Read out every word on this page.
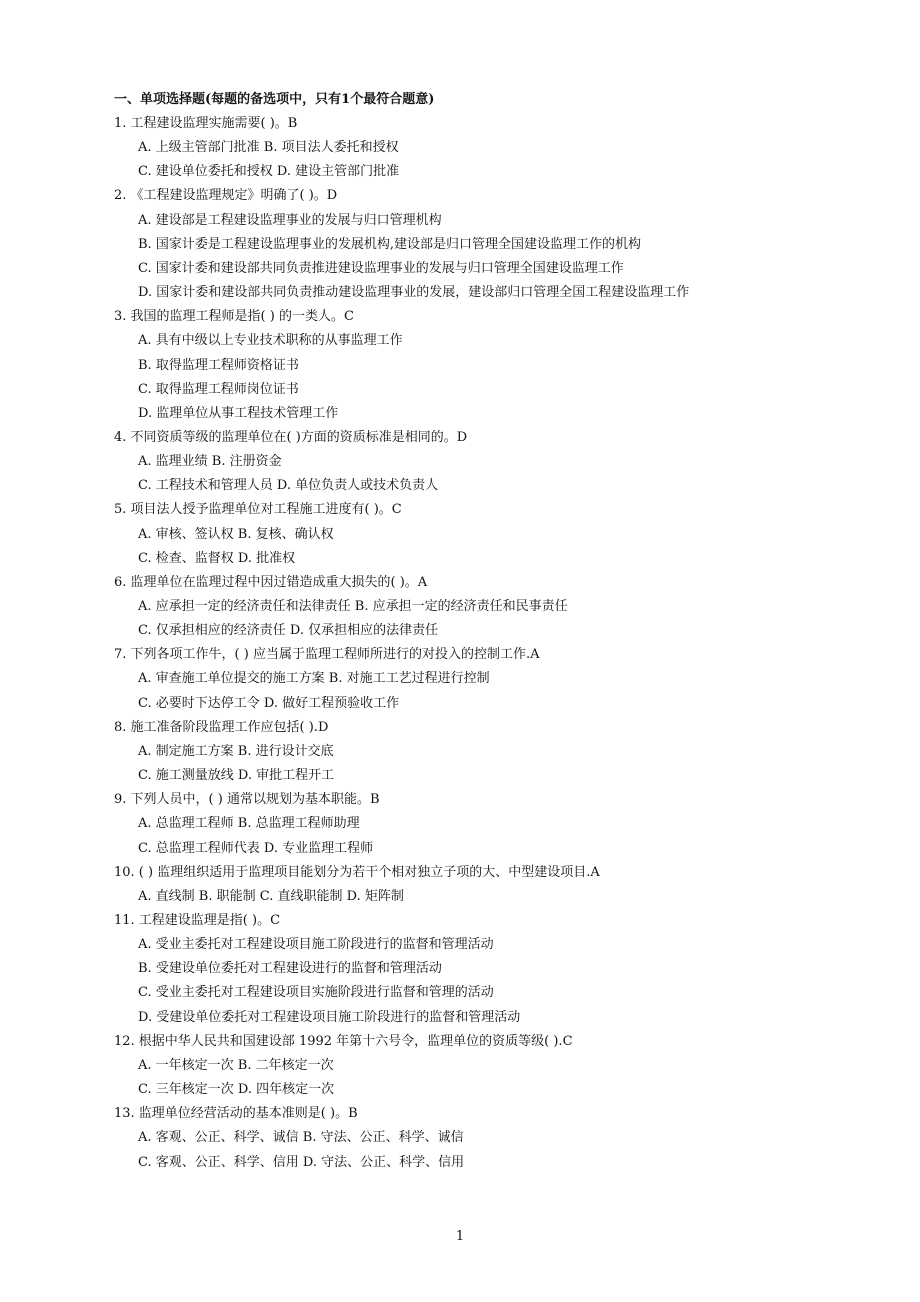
一、单项选择题(每题的备选项中，只有1个最符合题意)
1. 工程建设监理实施需要( )。B
A. 上级主管部门批准 B. 项目法人委托和授权
C. 建设单位委托和授权 D. 建设主管部门批准
2. 《工程建设监理规定》明确了( )。D
A. 建设部是工程建设监理事业的发展与归口管理机构
B. 国家计委是工程建设监理事业的发展机构,建设部是归口管理全国建设监理工作的机构
C. 国家计委和建设部共同负责推进建设监理事业的发展与归口管理全国建设监理工作
D. 国家计委和建设部共同负责推动建设监理事业的发展，建设部归口管理全国工程建设监理工作
3. 我国的监理工程师是指( ) 的一类人。C
A. 具有中级以上专业技术职称的从事监理工作
B. 取得监理工程师资格证书
C. 取得监理工程师岗位证书
D. 监理单位从事工程技术管理工作
4. 不同资质等级的监理单位在( )方面的资质标准是相同的。D
A. 监理业绩 B. 注册资金
C. 工程技术和管理人员 D. 单位负责人或技术负责人
5. 项目法人授予监理单位对工程施工进度有( )。C
A. 审核、签认权 B. 复核、确认权
C. 检查、监督权 D. 批准权
6. 监理单位在监理过程中因过错造成重大损失的( )。A
A. 应承担一定的经济责任和法律责任 B. 应承担一定的经济责任和民事责任
C. 仅承担相应的经济责任 D. 仅承担相应的法律责任
7. 下列各项工作牛，( ) 应当属于监理工程师所进行的对投入的控制工作.A
A. 审查施工单位提交的施工方案 B. 对施工工艺过程进行控制
C. 必要时下达停工令 D. 做好工程预验收工作
8. 施工准备阶段监理工作应包括( ).D
A. 制定施工方案 B. 进行设计交底
C. 施工测量放线 D. 审批工程开工
9. 下列人员中，( ) 通常以规划为基本职能。B
A. 总监理工程师 B. 总监理工程师助理
C. 总监理工程师代表 D. 专业监理工程师
10. ( ) 监理组织适用于监理项目能划分为若干个相对独立子项的大、中型建设项目.A
A. 直线制 B. 职能制 C. 直线职能制 D. 矩阵制
11. 工程建设监理是指( )。C
A. 受业主委托对工程建设项目施工阶段进行的监督和管理活动
B. 受建设单位委托对工程建设进行的监督和管理活动
C. 受业主委托对工程建设项目实施阶段进行监督和管理的活动
D. 受建设单位委托对工程建设项目施工阶段进行的监督和管理活动
12. 根据中华人民共和国建设部 1992 年第十六号令，监理单位的资质等级( ).C
A. 一年核定一次 B. 二年核定一次
C. 三年核定一次 D. 四年核定一次
13. 监理单位经营活动的基本准则是( )。B
A. 客观、公正、科学、诚信 B. 守法、公正、科学、诚信
C. 客观、公正、科学、信用 D. 守法、公正、科学、信用
1
